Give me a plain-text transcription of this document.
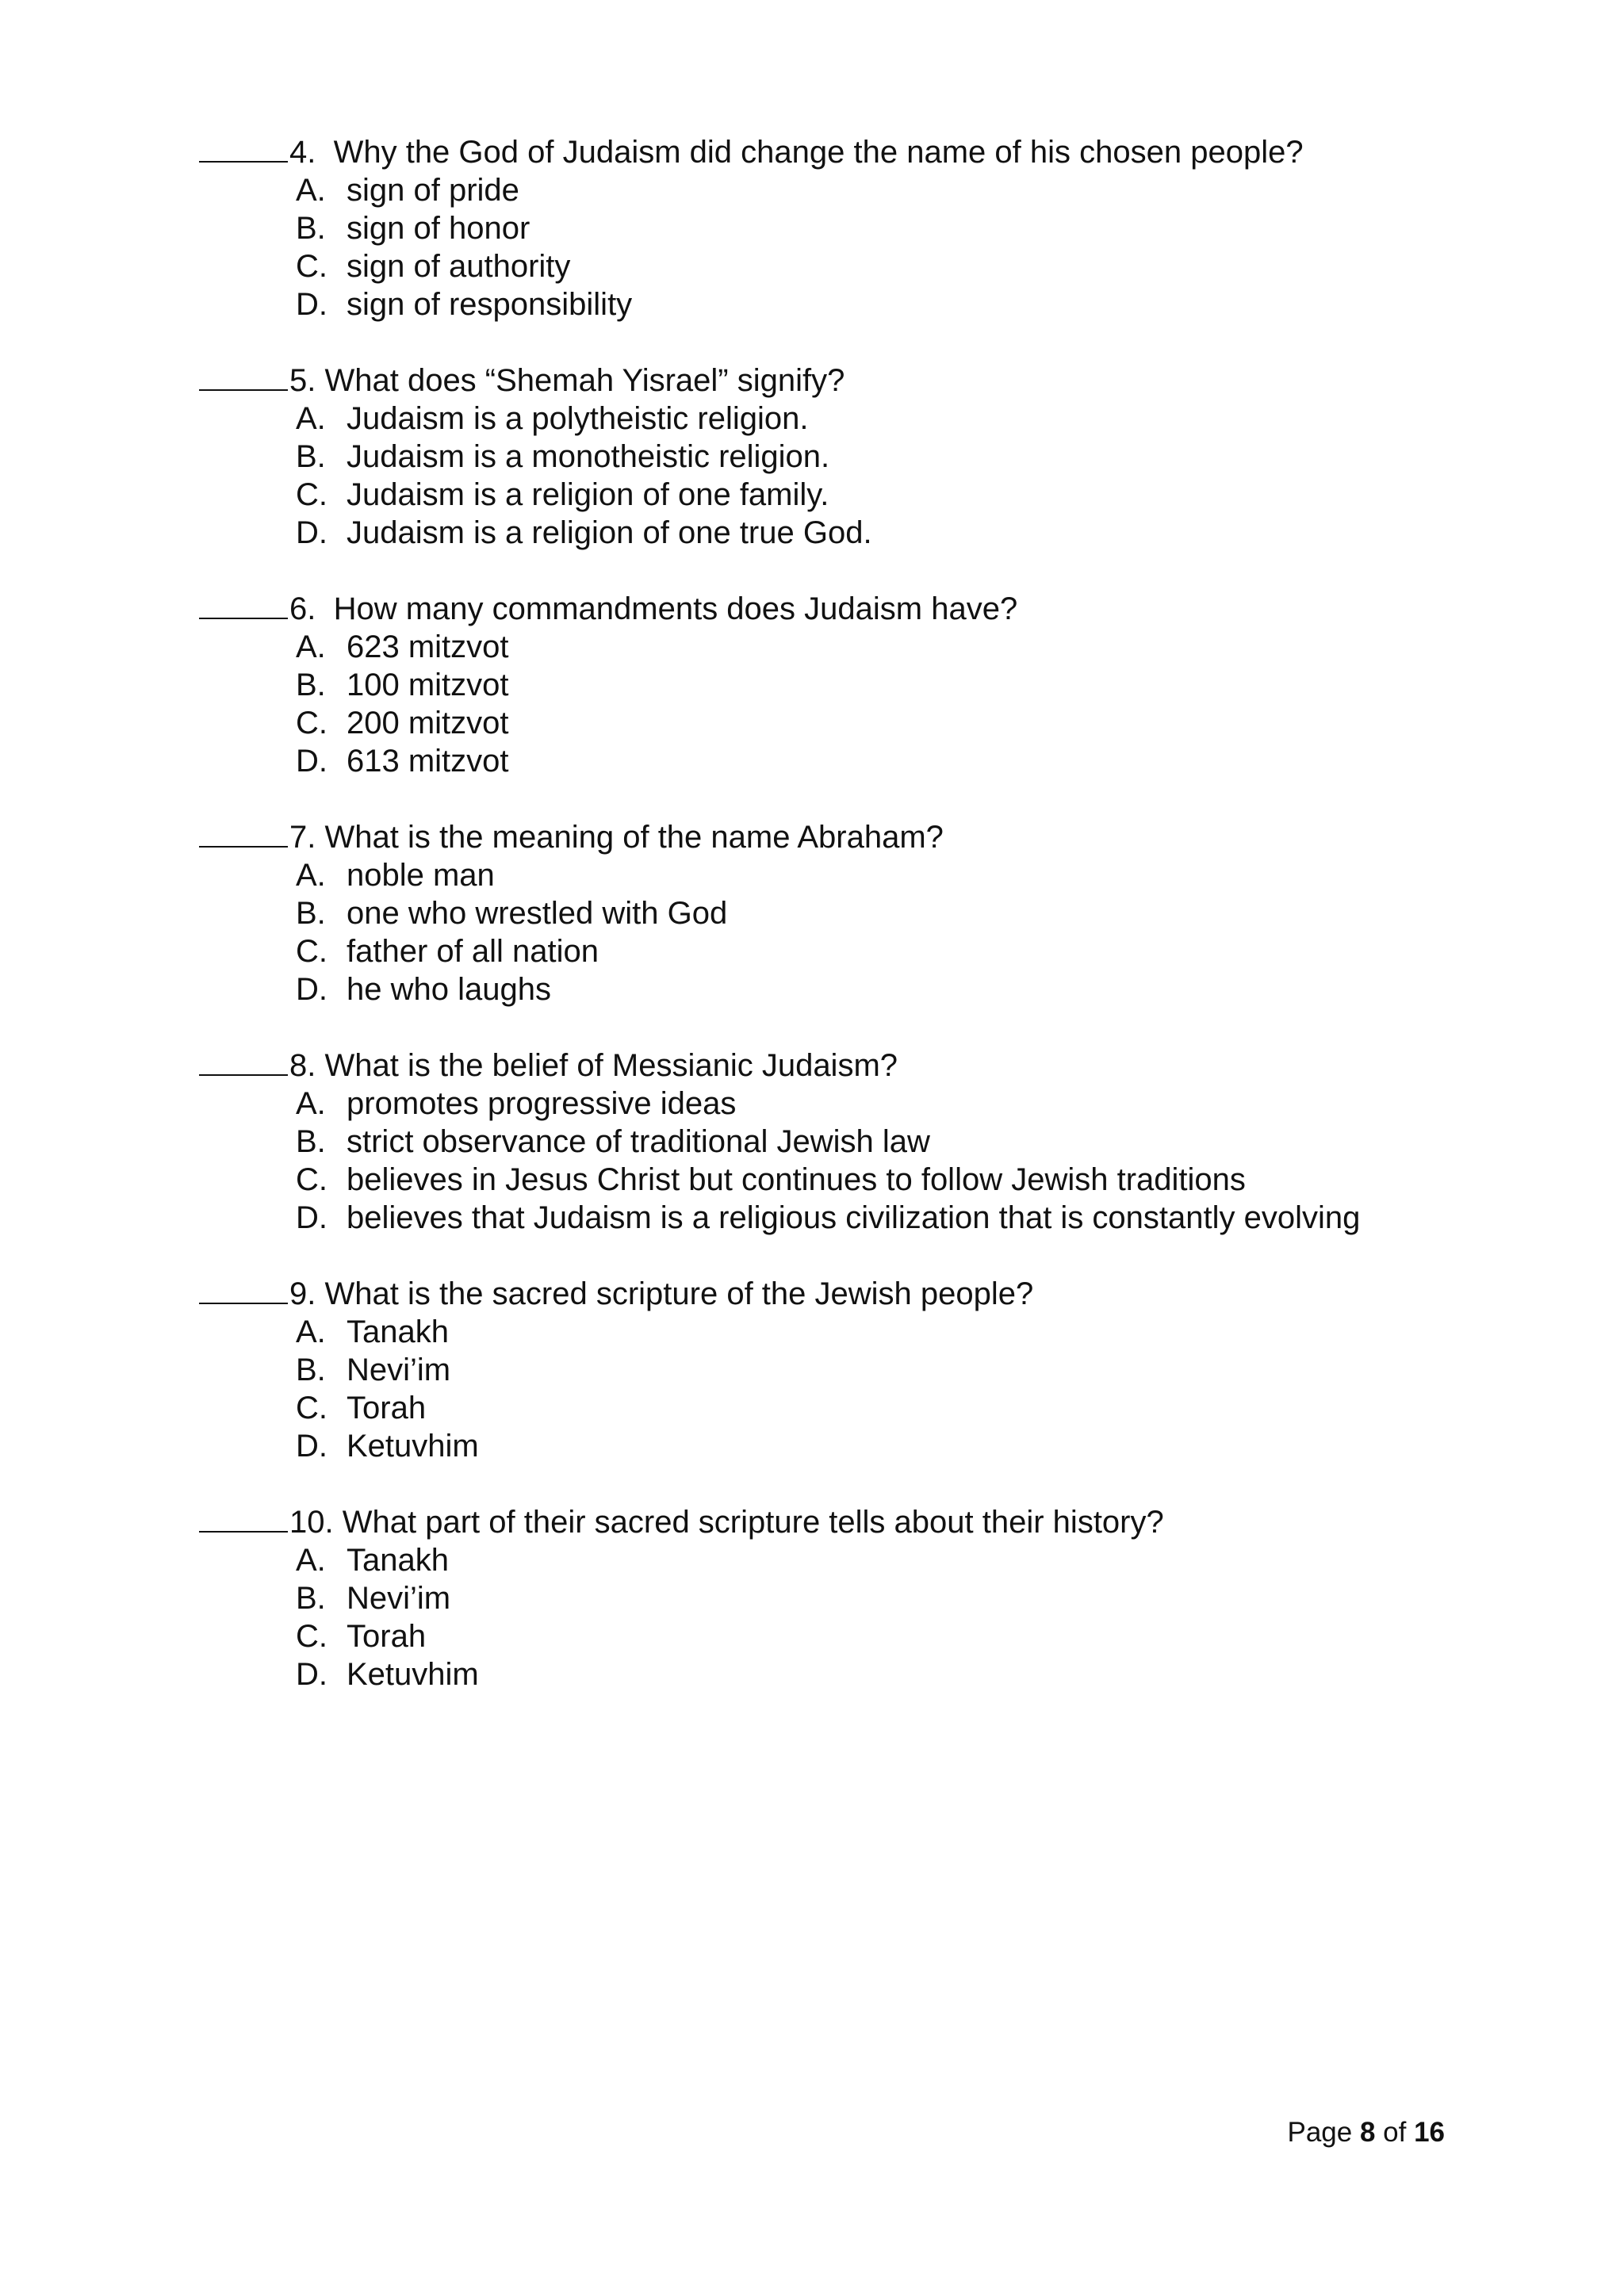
4. Why the God of Judaism did change the name of his chosen people?
A. sign of pride
B. sign of honor
C. sign of authority
D. sign of responsibility
5. What does “Shemah Yisrael” signify?
A. Judaism is a polytheistic religion.
B. Judaism is a monotheistic religion.
C. Judaism is a religion of one family.
D. Judaism is a religion of one true God.
6. How many commandments does Judaism have?
A. 623 mitzvot
B. 100 mitzvot
C. 200 mitzvot
D. 613 mitzvot
7. What is the meaning of the name Abraham?
A. noble man
B. one who wrestled with God
C. father of all nation
D. he who laughs
8. What is the belief of Messianic Judaism?
A. promotes progressive ideas
B. strict observance of traditional Jewish law
C. believes in Jesus Christ but continues to follow Jewish traditions
D. believes that Judaism is a religious civilization that is constantly evolving
9. What is the sacred scripture of the Jewish people?
A. Tanakh
B. Nevi’im
C. Torah
D. Ketuvhim
10. What part of their sacred scripture tells about their history?
A. Tanakh
B. Nevi’im
C. Torah
D. Ketuvhim
Page 8 of 16
